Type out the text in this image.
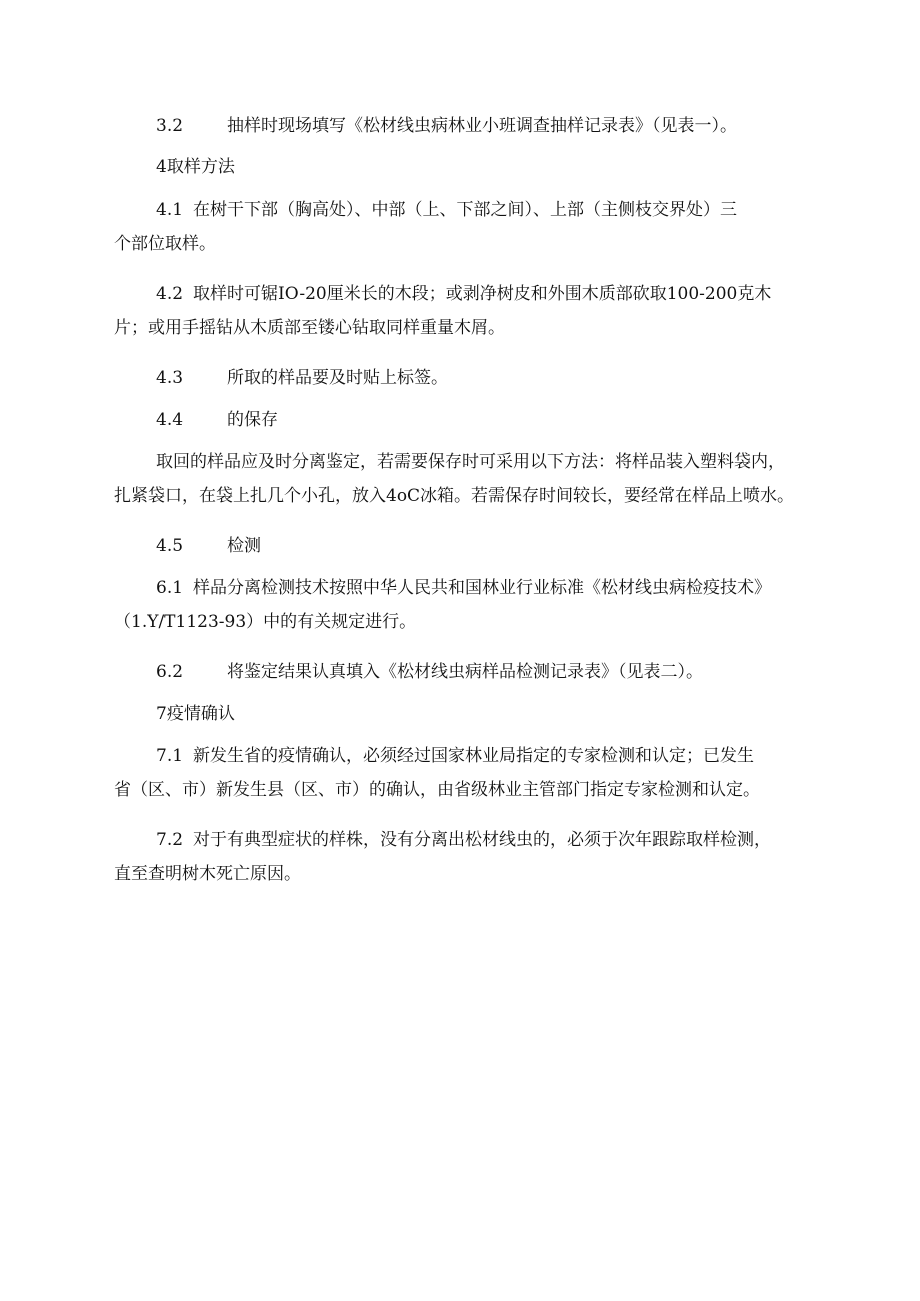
3.2	抽样时现场填写《松材线虫病林业小班调查抽样记录表》（见表一）。

4取样方法

4.1 在树干下部（胸高处）、中部（上、下部之间）、上部（主侧枝交界处）三
个部位取样。

4.2 取样时可锯IO-20厘米长的木段；或剥净树皮和外围木质部砍取100-200克木
片；或用手摇钻从木质部至镂心钻取同样重量木屑。

4.3	所取的样品要及时贴上标签。

4.4	的保存

取回的样品应及时分离鉴定，若需要保存时可采用以下方法：将样品装入塑料袋内，
扎紧袋口，在袋上扎几个小孔，放入4oC冰箱。若需保存时间较长，要经常在样品上喷水。

4.5	检测

6.1 样品分离检测技术按照中华人民共和国林业行业标准《松材线虫病检疫技术》
（1.Y/T1123-93）中的有关规定进行。

6.2	将鉴定结果认真填入《松材线虫病样品检测记录表》（见表二）。

7疫情确认

7.1 新发生省的疫情确认，必须经过国家林业局指定的专家检测和认定；已发生
省（区、市）新发生县（区、市）的确认，由省级林业主管部门指定专家检测和认定。

7.2 对于有典型症状的样株，没有分离出松材线虫的，必须于次年跟踪取样检测，
直至查明树木死亡原因。
